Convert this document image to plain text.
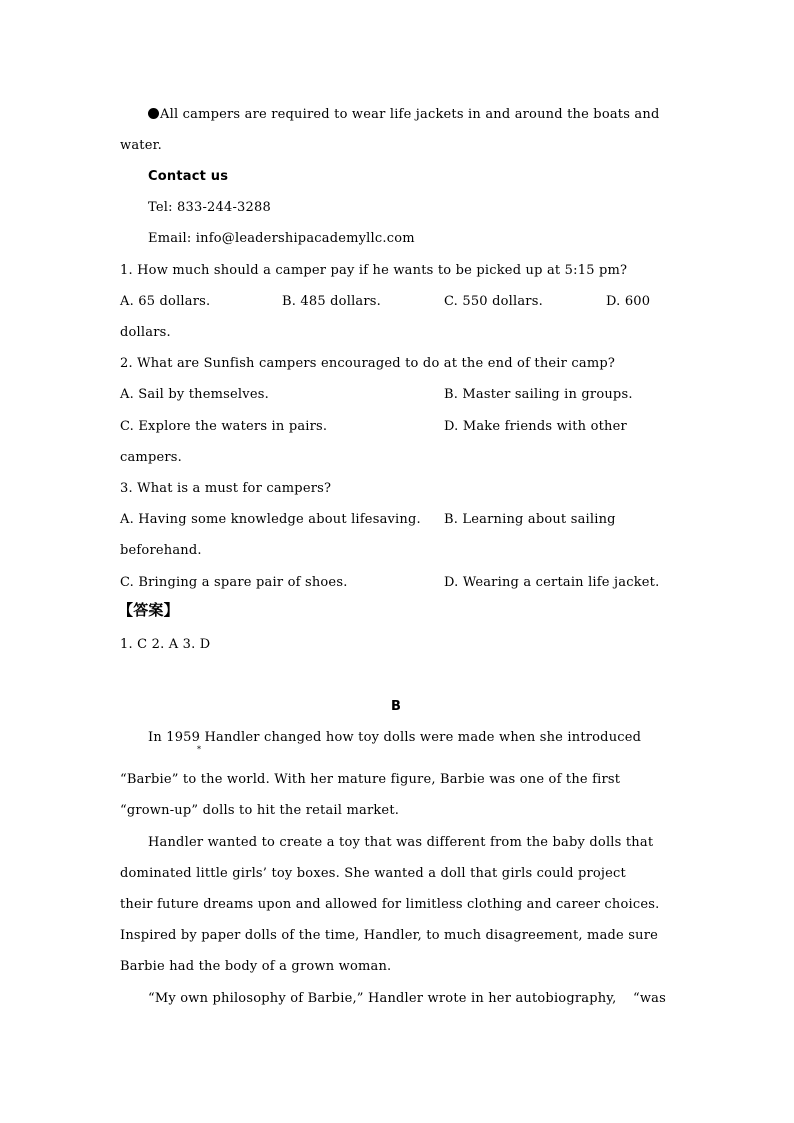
All campers are required to wear life jackets in and around the boats and
water.
Contact us
Tel: 833-244-3288
Email: info@leadershipacademyllc.com
1. How much should a camper pay if he wants to be picked up at 5:15 pm?
A. 65 dollars.	B. 485 dollars.	C. 550 dollars.	D. 600
dollars.
2. What are Sunfish campers encouraged to do at the end of their camp?
A. Sail by themselves.	B. Master sailing in groups.
C. Explore the waters in pairs.	D. Make friends with other
campers.
3. What is a must for campers?
A. Having some knowledge about lifesaving. B. Learning about sailing
beforehand.
C. Bringing a spare pair of shoes.	D. Wearing a certain life jacket.
【答案】
1. C 2. A 3. D
B
In 1959 Handler changed how toy dolls were made when she introduced
*
“Barbie” to the world. With her mature figure, Barbie was one of the first
“grown-up” dolls to hit the retail market.
Handler wanted to create a toy that was different from the baby dolls that
dominated little girls’ toy boxes. She wanted a doll that girls could project
their future dreams upon and allowed for limitless clothing and career choices.
Inspired by paper dolls of the time, Handler, to much disagreement, made sure
Barbie had the body of a grown woman.
“My own philosophy of Barbie,” Handler wrote in her autobiography, “was
